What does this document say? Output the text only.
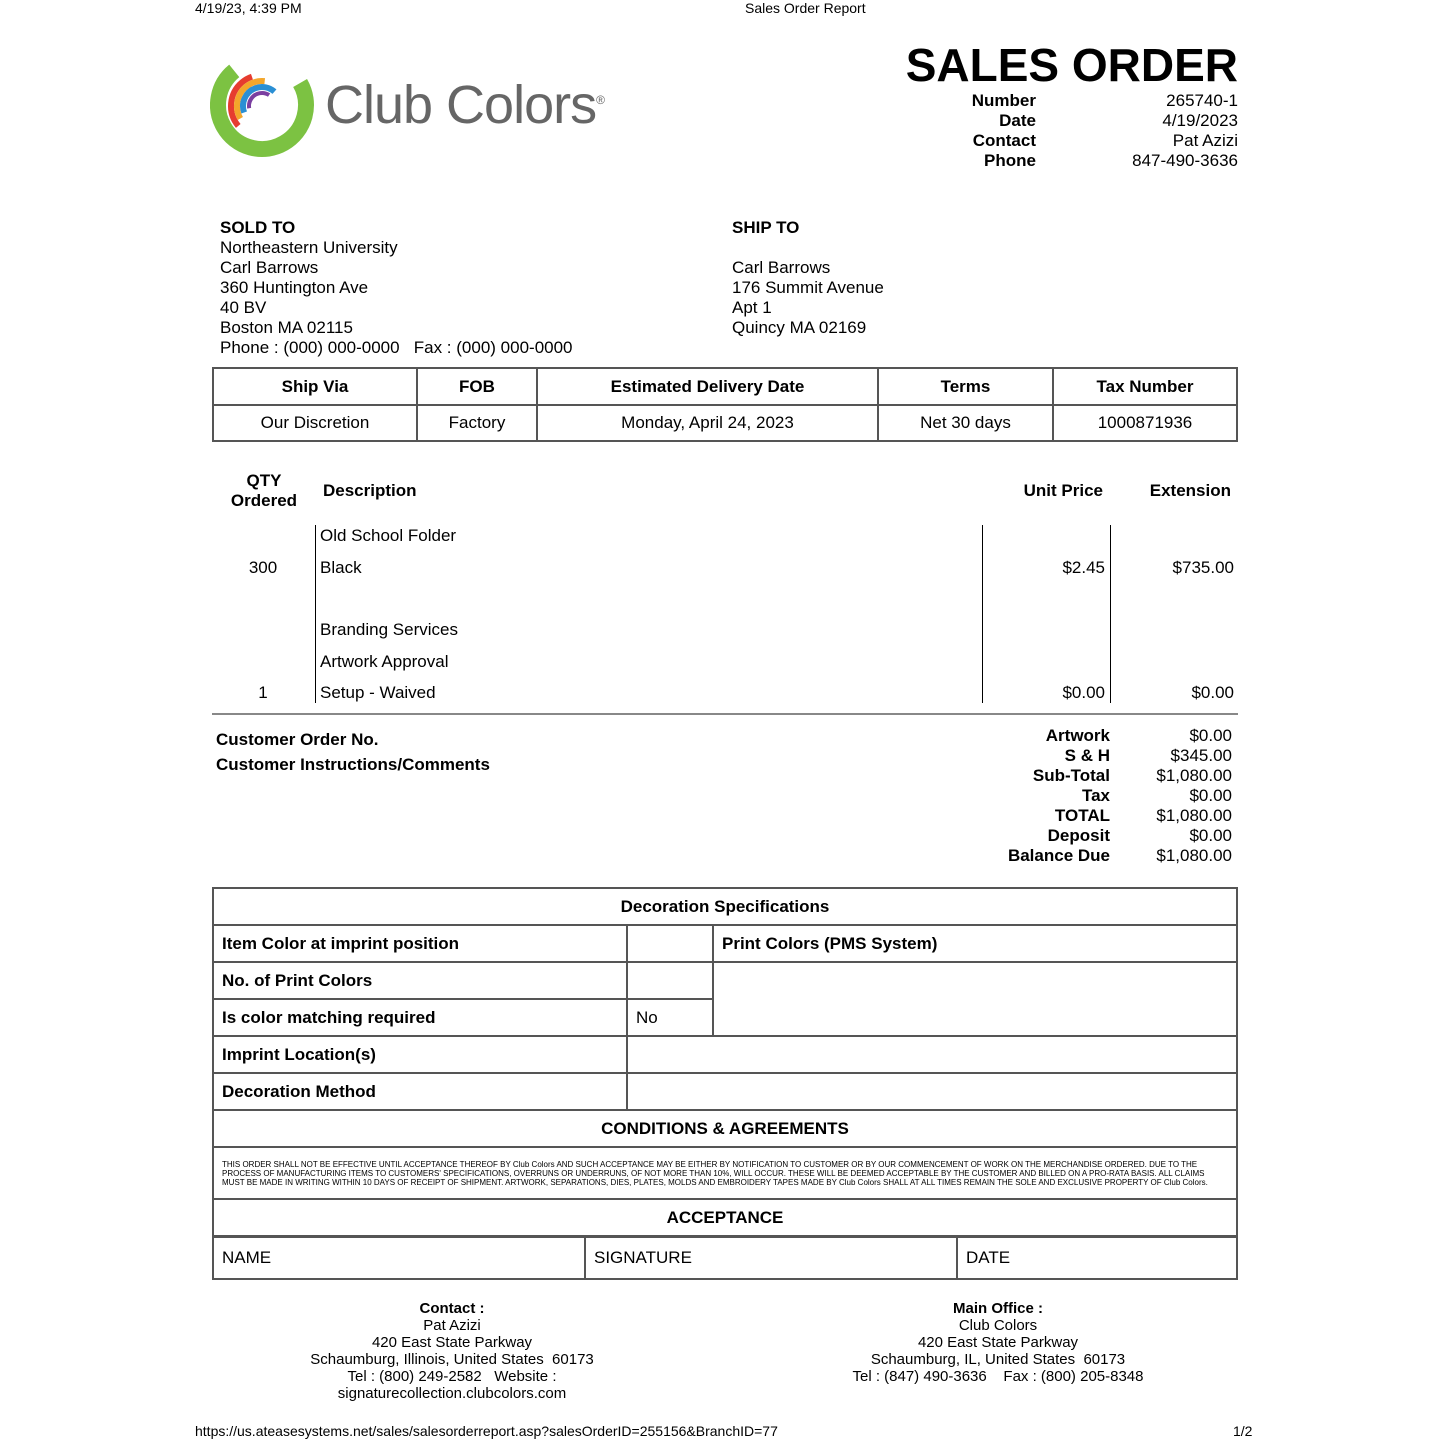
4/19/23, 4:39 PM	Sales Order Report
Club Colors®
SALES ORDER
Number	265740-1
Date	4/19/2023
Contact	Pat Azizi
Phone	847-490-3636
SOLD TO
Northeastern University
Carl Barrows
360 Huntington Ave
40 BV
Boston MA 02115
Phone : (000) 000-0000   Fax : (000) 000-0000
SHIP TO
Carl Barrows
176 Summit Avenue
Apt 1
Quincy MA 02169
Ship Via	FOB	Estimated Delivery Date	Terms	Tax Number
Our Discretion	Factory	Monday, April 24, 2023	Net 30 days	1000871936
QTY
Ordered
Description	Unit Price	Extension
Old School Folder
300	Black	$2.45	$735.00
Branding Services
Artwork Approval
1	Setup - Waived	$0.00	$0.00
Customer Order No.
Customer Instructions/Comments
Artwork	$0.00
S & H	$345.00
Sub-Total	$1,080.00
Tax	$0.00
TOTAL	$1,080.00
Deposit	$0.00
Balance Due	$1,080.00
Decoration Specifications		
Item Color at imprint position		Print Colors (PMS System)
No. of Print Colors		
Is color matching required	No	
Imprint Location(s)		
Decoration Method		
CONDITIONS & AGREEMENTS		
THIS ORDER SHALL NOT BE EFFECTIVE UNTIL ACCEPTANCE THEREOF BY Club Colors AND SUCH ACCEPTANCE MAY BE EITHER BY NOTIFICATION TO CUSTOMER OR BY OUR COMMENCEMENT OF WORK ON THE MERCHANDISE ORDERED. DUE TO THE PROCESS OF MANUFACTURING ITEMS TO CUSTOMERS' SPECIFICATIONS, OVERRUNS OR UNDERRUNS, OF NOT MORE THAN 10%, WILL OCCUR. THESE WILL BE DEEMED ACCEPTABLE BY THE CUSTOMER AND BILLED ON A PRO-RATA BASIS. ALL CLAIMS MUST BE MADE IN WRITING WITHIN 10 DAYS OF RECEIPT OF SHIPMENT. ARTWORK, SEPARATIONS, DIES, PLATES, MOLDS AND EMBROIDERY TAPES MADE BY Club Colors SHALL AT ALL TIMES REMAIN THE SOLE AND EXCLUSIVE PROPERTY OF Club Colors.		
ACCEPTANCE		
NAME	SIGNATURE	DATE
Contact :
Pat Azizi
420 East State Parkway
Schaumburg, Illinois, United States  60173
Tel : (800) 249-2582   Website :
signaturecollection.clubcolors.com
Main Office :
Club Colors
420 East State Parkway
Schaumburg, IL, United States  60173
Tel : (847) 490-3636    Fax : (800) 205-8348
https://us.ateasesystems.net/sales/salesorderreport.asp?salesOrderID=255156&BranchID=77	1/2
